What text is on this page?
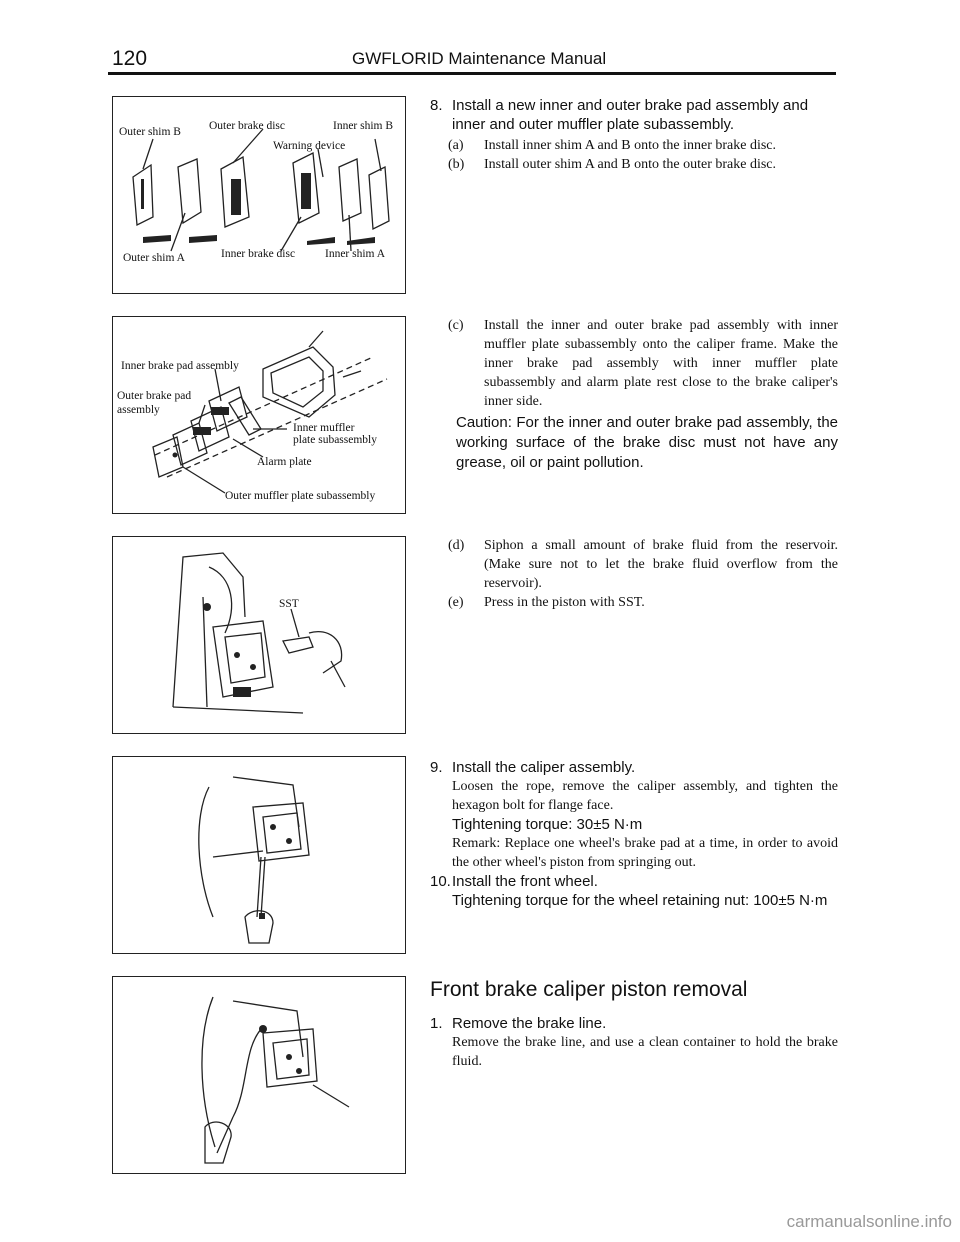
120	GWFLORID Maintenance Manual
Outer shim B Outer brake disc	Inner shim B
Warning device
Outer shim A	Inner brake disc	Inner shim A
Inner brake pad assembly
Outer brake pad
assembly
Inner muffler
plate subassembly
Alarm plate
Outer muffler plate subassembly
SST
8. Install a new inner and outer brake pad assembly and
inner and outer muffler plate subassembly.
(a)	Install inner shim A and B onto the inner brake disc.
(b)	Install outer shim A and B onto the outer brake disc.
(c)	Install the inner and outer brake pad assembly with inner muffler plate subassembly onto the caliper frame. Make the inner brake pad assembly with inner muffler plate subassembly and alarm plate rest close to the brake caliper's inner side.
Caution: For the inner and outer brake pad assembly, the working surface of the brake disc must not have any grease, oil or paint pollution.
(d)	Siphon a small amount of brake fluid from the reservoir. (Make sure not to let the brake fluid overflow from the reservoir).
(e)	Press in the piston with SST.
9. Install the caliper assembly.
Loosen the rope, remove the caliper assembly, and tighten the hexagon bolt for flange face.
Tightening torque: 30±5 N·m
Remark: Replace one wheel's brake pad at a time, in order to avoid the other wheel's piston from springing out.
10. Install the front wheel.
Tightening torque for the wheel retaining nut: 100±5 N·m
Front brake caliper piston removal
1. Remove the brake line.
Remove the brake line, and use a clean container to hold the brake fluid.
carmanualsonline.info
